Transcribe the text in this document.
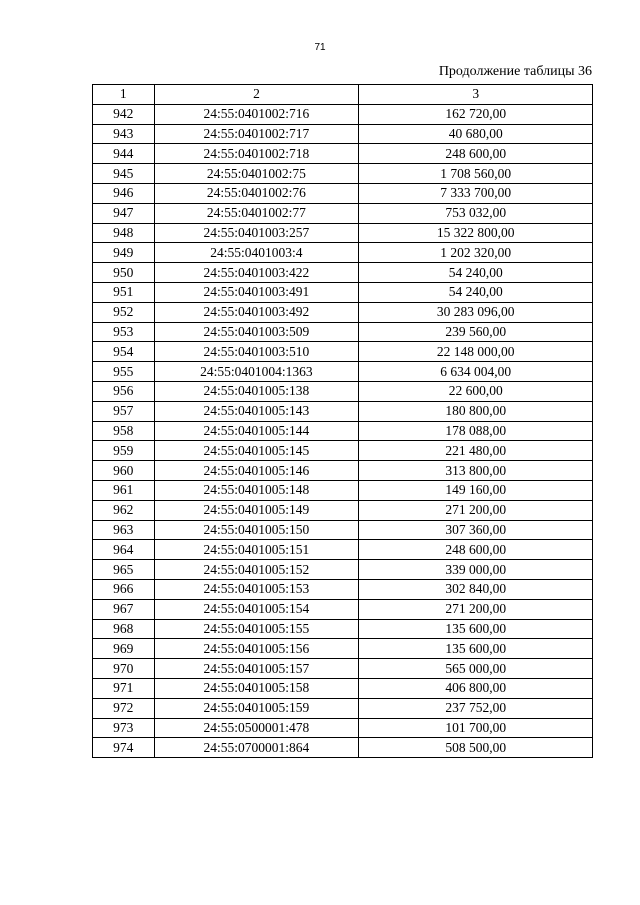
71
Продолжение таблицы 36
1	2	3
942	24:55:0401002:716	162 720,00
943	24:55:0401002:717	40 680,00
944	24:55:0401002:718	248 600,00
945	24:55:0401002:75	1 708 560,00
946	24:55:0401002:76	7 333 700,00
947	24:55:0401002:77	753 032,00
948	24:55:0401003:257	15 322 800,00
949	24:55:0401003:4	1 202 320,00
950	24:55:0401003:422	54 240,00
951	24:55:0401003:491	54 240,00
952	24:55:0401003:492	30 283 096,00
953	24:55:0401003:509	239 560,00
954	24:55:0401003:510	22 148 000,00
955	24:55:0401004:1363	6 634 004,00
956	24:55:0401005:138	22 600,00
957	24:55:0401005:143	180 800,00
958	24:55:0401005:144	178 088,00
959	24:55:0401005:145	221 480,00
960	24:55:0401005:146	313 800,00
961	24:55:0401005:148	149 160,00
962	24:55:0401005:149	271 200,00
963	24:55:0401005:150	307 360,00
964	24:55:0401005:151	248 600,00
965	24:55:0401005:152	339 000,00
966	24:55:0401005:153	302 840,00
967	24:55:0401005:154	271 200,00
968	24:55:0401005:155	135 600,00
969	24:55:0401005:156	135 600,00
970	24:55:0401005:157	565 000,00
971	24:55:0401005:158	406 800,00
972	24:55:0401005:159	237 752,00
973	24:55:0500001:478	101 700,00
974	24:55:0700001:864	508 500,00
